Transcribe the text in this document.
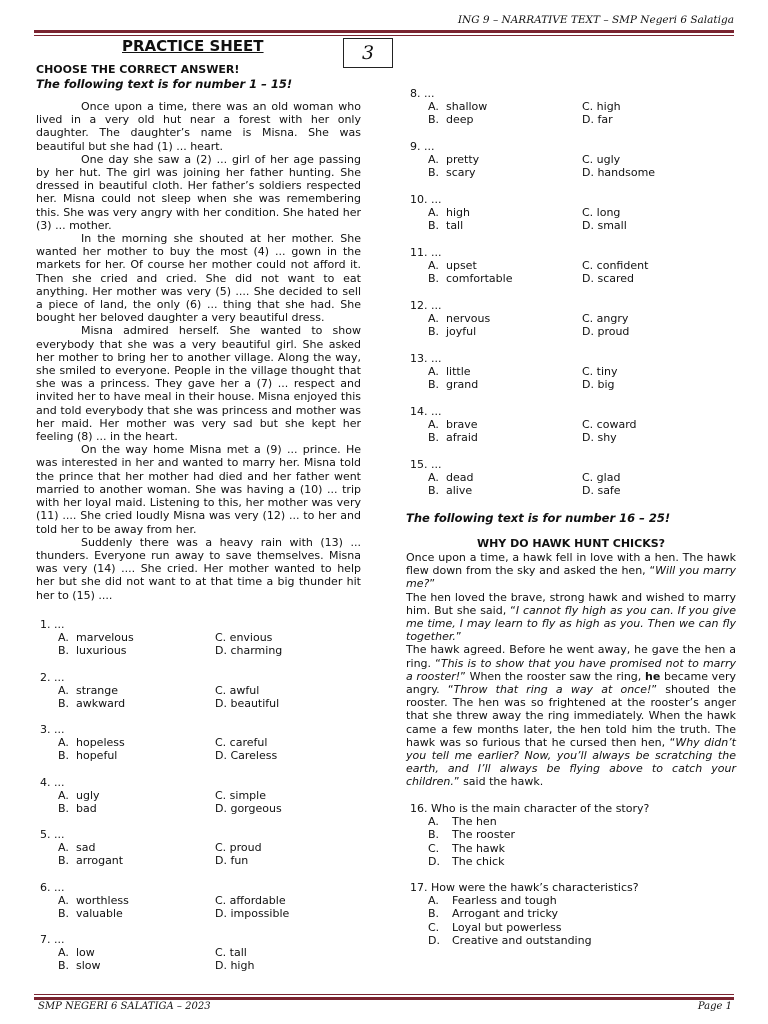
ING 9 – NARRATIVE TEXT – SMP Negeri 6 Salatiga
PRACTICE SHEET	3
CHOOSE THE CORRECT ANSWER!
The following text is for number 1 – 15!

Once upon a time, there was an old woman who lived in a very old hut near a forest with her only daughter. The daughter’s name is Misna. She was beautiful but she had (1) ... heart.

One day she saw a (2) ... girl of her age passing by her hut. The girl was joining her father hunting. She dressed in beautiful cloth. Her father’s soldiers respected her. Misna could not sleep when she was remembering this. She was very angry with her condition. She hated her (3) ... mother.

In the morning she shouted at her mother. She wanted her mother to buy the most (4) ... gown in the markets for her. Of course her mother could not afford it. Then she cried and cried. She did not want to eat anything. Her mother was very (5) .... She decided to sell a piece of land, the only (6) ... thing that she had. She bought her beloved daughter a very beautiful dress.

Misna admired herself. She wanted to show everybody that she was a very beautiful girl. She asked her mother to bring her to another village. Along the way, she smiled to everyone. People in the village thought that she was a princess. They gave her a (7) ... respect and invited her to have meal in their house. Misna enjoyed this and told everybody that she was princess and mother was her maid. Her mother was very sad but she kept her feeling (8) ... in the heart.

On the way home Misna met a (9) ... prince. He was interested in her and wanted to marry her. Misna told the prince that her mother had died and her father went married to another woman. She was having a (10) ... trip with her loyal maid. Listening to this, her mother was very (11) .... She cried loudly Misna was very (12) ... to her and told her to be away from her.

Suddenly there was a heavy rain with (13) ... thunders. Everyone run away to save themselves. Misna was very (14) .... She cried. Her mother wanted to help her but she did not want to at that time a big thunder hit her to (15) ....

1. ...
A. marvelous	C. envious
B. luxurious	D. charming
2. ...
A. strange	C. awful
B. awkward	D. beautiful
3. ...
A. hopeless	C. careful
B. hopeful	D. Careless
4. ...
A. ugly	C. simple
B. bad	D. gorgeous
5. ...
A. sad	C. proud
B. arrogant	D. fun
6. ...
A. worthless	C. affordable
B. valuable	D. impossible
7. ...
A. low	C. tall
B. slow	D. high
8. ...
A. shallow	C. high
B. deep	D. far
9. ...
A. pretty	C. ugly
B. scary	D. handsome
10. ...
A. high	C. long
B. tall	D. small
11. ...
A. upset	C. confident
B. comfortable	D. scared
12. ...
A. nervous	C. angry
B. joyful	D. proud
13. ...
A. little	C. tiny
B. grand	D. big
14. ...
A. brave	C. coward
B. afraid	D. shy
15. ...
A. dead	C. glad
B. alive	D. safe
The following text is for number 16 – 25!
WHY DO HAWK HUNT CHICKS?

Once upon a time, a hawk fell in love with a hen. The hawk flew down from the sky and asked the hen, “Will you marry me?”

The hen loved the brave, strong hawk and wished to marry him. But she said, “I cannot fly high as you can. If you give me time, I may learn to fly as high as you. Then we can fly together.”

The hawk agreed. Before he went away, he gave the hen a ring. “This is to show that you have promised not to marry a rooster!” When the rooster saw the ring, he became very angry. “Throw that ring a way at once!” shouted the rooster. The hen was so frightened at the rooster’s anger that she threw away the ring immediately. When the hawk came a few months later, the hen told him the truth. The hawk was so furious that he cursed then hen, “Why didn’t you tell me earlier? Now, you’ll always be scratching the earth, and I’ll always be flying above to catch your children.” said the hawk.

16. Who is the main character of the story?
A.	The hen
B.	The rooster
C.	The hawk
D.	The chick
17. How were the hawk’s characteristics?
A.	Fearless and tough
B.	Arrogant and tricky
C.	Loyal but powerless
D.	Creative and outstanding
SMP NEGERI 6 SALATIGA – 2023	Page 1
